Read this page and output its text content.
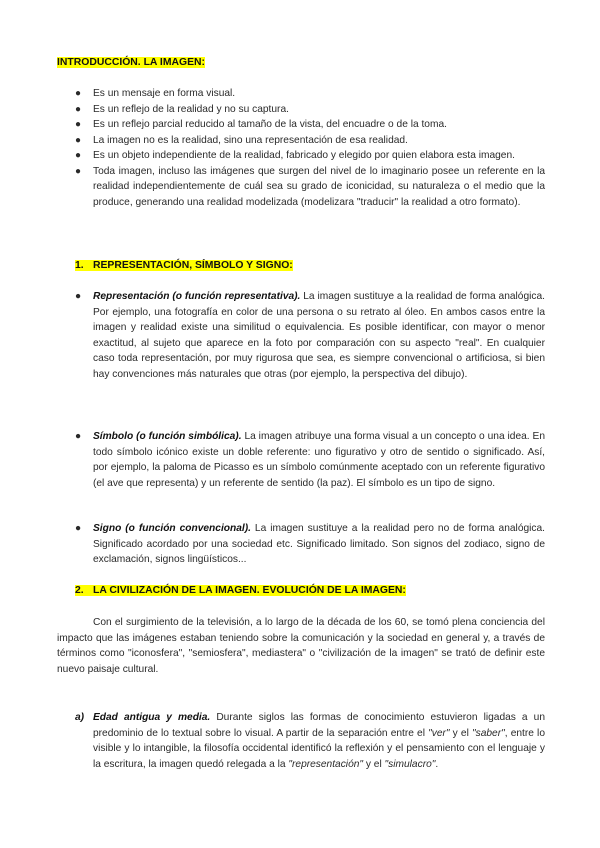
INTRODUCCIÓN. LA IMAGEN:
● Es un mensaje en forma visual.
● Es un reflejo de la realidad y no su captura.
● Es un reflejo parcial reducido al tamaño de la vista, del encuadre o de la toma.
● La imagen no es la realidad, sino una representación de esa realidad.
● Es un objeto independiente de la realidad, fabricado y elegido por quien elabora esta imagen.
● Toda imagen, incluso las imágenes que surgen del nivel de lo imaginario posee un referente en la realidad independientemente de cuál sea su grado de iconicidad, su naturaleza o el medio que la produce, generando una realidad modelizada (modelizara "traducir" la realidad a otro formato).
1. REPRESENTACIÓN, SÍMBOLO Y SIGNO:
● Representación (o función representativa). La imagen sustituye a la realidad de forma analógica. Por ejemplo, una fotografía en color de una persona o su retrato al óleo. En ambos casos entre la imagen y realidad existe una similitud o equivalencia. Es posible identificar, con mayor o menor exactitud, al sujeto que aparece en la foto por comparación con su aspecto "real". En cualquier caso toda representación, por muy rigurosa que sea, es siempre convencional o artificiosa, si bien hay convenciones más naturales que otras (por ejemplo, la perspectiva del dibujo).
● Símbolo (o función simbólica). La imagen atribuye una forma visual a un concepto o una idea. En todo símbolo icónico existe un doble referente: uno figurativo y otro de sentido o significado. Así, por ejemplo, la paloma de Picasso es un símbolo comúnmente aceptado con un referente figurativo (el ave que representa) y un referente de sentido (la paz). El símbolo es un tipo de signo.
● Signo (o función convencional). La imagen sustituye a la realidad pero no de forma analógica. Significado acordado por una sociedad etc. Significado limitado. Son signos del zodiaco, signo de exclamación, signos lingüísticos...
2. LA CIVILIZACIÓN DE LA IMAGEN. EVOLUCIÓN DE LA IMAGEN:
Con el surgimiento de la televisión, a lo largo de la década de los 60, se tomó plena conciencia del impacto que las imágenes estaban teniendo sobre la comunicación y la sociedad en general y, a través de términos como "iconosfera", "semiosfera", mediastera" o "civilización de la imagen" se trató de definir este nuevo paisaje cultural.
a) Edad antigua y media. Durante siglos las formas de conocimiento estuvieron ligadas a un predominio de lo textual sobre lo visual. A partir de la separación entre el "ver" y el "saber", entre lo visible y lo intangible, la filosofía occidental identificó la reflexión y el pensamiento con el lenguaje y la escritura, la imagen quedó relegada a la "representación" y el "simulacro".
